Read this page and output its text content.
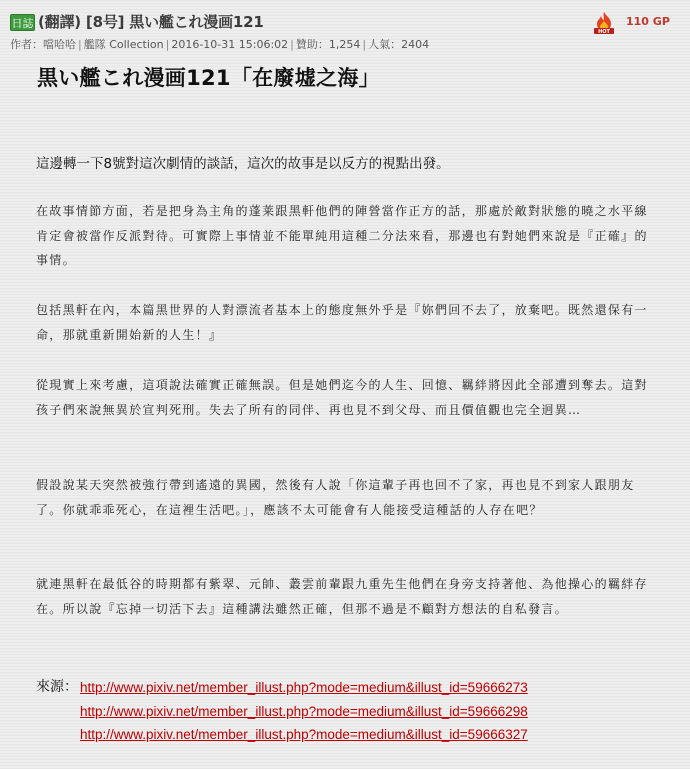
日誌 (翻譯) [8号] 黒い艦これ漫画121
作者：噹哈哈 | 艦隊 Collection | 2016-10-31 15:06:02 | 贊助：1,254 | 人氣：2404
HOT
110 GP
黒い艦これ漫画121「在廢墟之海」
這邊轉一下8號對這次劇情的談話，這次的故事是以反方的視點出發。
在故事情節方面，若是把身為主角的蓬莱跟黑軒他們的陣營當作正方的話，那處於敵對狀態的曉之水平線肯定會被當作反派對待。可實際上事情並不能單純用這種二分法來看，那邊也有對她們來說是『正確』的事情。
包括黑軒在內，本篇黑世界的人對漂流者基本上的態度無外乎是『妳們回不去了，放棄吧。既然還保有一命，那就重新開始新的人生！』
從現實上來考慮，這項說法確實正確無誤。但是她們迄今的人生、回憶、羈絆將因此全部遭到奪去。這對孩子們來說無異於宣判死刑。失去了所有的同伴、再也見不到父母、而且價值觀也完全迥異…
假設說某天突然被強行帶到遙遠的異國，然後有人說「你這輩子再也回不了家，再也見不到家人跟朋友了。你就乖乖死心，在這裡生活吧。」，應該不太可能會有人能接受這種話的人存在吧？
就連黑軒在最低谷的時期都有紫翠、元帥、叢雲前輩跟九重先生他們在身旁支持著他、為他操心的羈絆存在。所以說『忘掉一切活下去』這種講法雖然正確，但那不過是不顧對方想法的自私發言。
來源： http://www.pixiv.net/member_illust.php?mode=medium&illust_id=59666273
http://www.pixiv.net/member_illust.php?mode=medium&illust_id=59666298
http://www.pixiv.net/member_illust.php?mode=medium&illust_id=59666327
